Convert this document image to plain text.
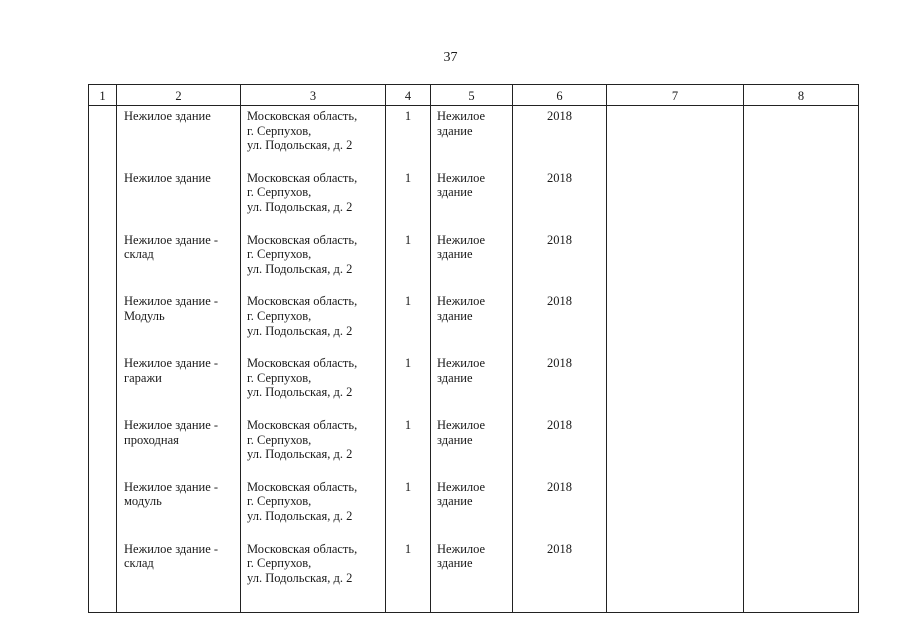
37
1	2	3	4	5	6	7	8

	Нежилое здание	Московская область,
г. Серпухов,
ул. Подольская, д. 2	1	Нежилое
здание	2018		

	Нежилое здание	Московская область,
г. Серпухов,
ул. Подольская, д. 2	1	Нежилое
здание	2018		

	Нежилое здание -
склад	Московская область,
г. Серпухов,
ул. Подольская, д. 2	1	Нежилое
здание	2018		

	Нежилое здание -
Модуль	Московская область,
г. Серпухов,
ул. Подольская, д. 2	1	Нежилое
здание	2018		

	Нежилое здание -
гаражи	Московская область,
г. Серпухов,
ул. Подольская, д. 2	1	Нежилое
здание	2018		

	Нежилое здание -
проходная	Московская область,
г. Серпухов,
ул. Подольская, д. 2	1	Нежилое
здание	2018		

	Нежилое здание -
модуль	Московская область,
г. Серпухов,
ул. Подольская, д. 2	1	Нежилое
здание	2018		

	Нежилое здание -
склад	Московская область,
г. Серпухов,
ул. Подольская, д. 2	1	Нежилое
здание	2018		
